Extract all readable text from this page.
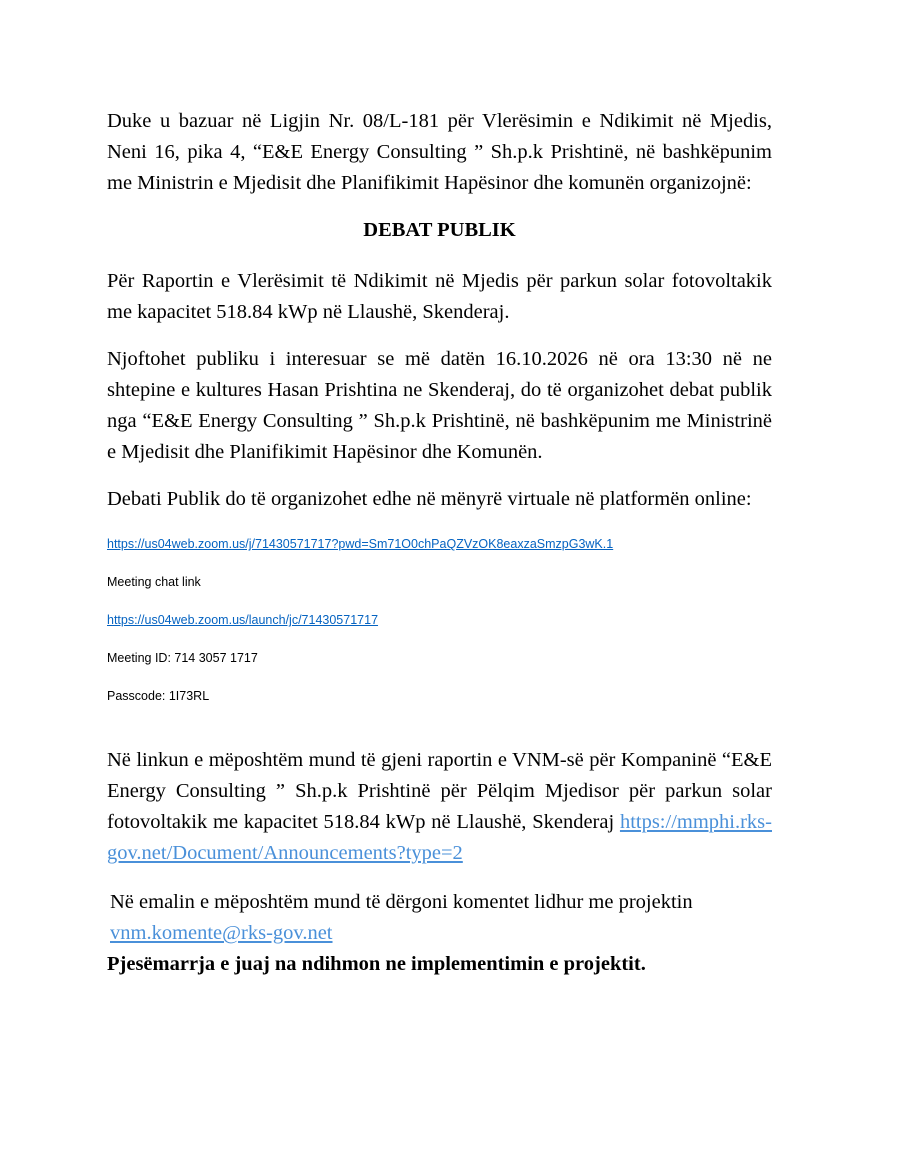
Duke u bazuar në Ligjin Nr. 08/L-181 për Vlerësimin e Ndikimit në Mjedis, Neni 16, pika 4, “E&E Energy Consulting ” Sh.p.k Prishtinë, në bashkëpunim me Ministrin e Mjedisit dhe Planifikimit Hapësinor dhe komunën organizojnë:

DEBAT PUBLIK

Për Raportin e Vlerësimit të Ndikimit në Mjedis për parkun solar fotovoltakik me kapacitet 518.84 kWp në Llaushë, Skenderaj.

Njoftohet publiku i interesuar se më datën 16.10.2026 në ora 13:30 në ne shtepine e kultures Hasan Prishtina ne Skenderaj, do të organizohet debat publik nga “E&E Energy Consulting ” Sh.p.k Prishtinë, në bashkëpunim me Ministrinë e Mjedisit dhe Planifikimit Hapësinor dhe Komunën.

Debati Publik do të organizohet edhe në mënyrë virtuale në platformën online:

https://us04web.zoom.us/j/71430571717?pwd=Sm71O0chPaQZVzOK8eaxzaSmzpG3wK.1

Meeting chat link

https://us04web.zoom.us/launch/jc/71430571717

Meeting ID: 714 3057 1717

Passcode: 1I73RL

Në linkun e mëposhtëm mund të gjeni raportin e VNM-së për Kompaninë “E&E Energy Consulting ” Sh.p.k Prishtinë për Pëlqim Mjedisor për parkun solar fotovoltakik me kapacitet 518.84 kWp në Llaushë, Skenderaj https://mmphi.rks-gov.net/Document/Announcements?type=2

Në emalin e mëposhtëm mund të dërgoni komentet lidhur me projektin

vnm.komente@rks-gov.net

Pjesëmarrja e juaj na ndihmon ne implementimin e projektit.
